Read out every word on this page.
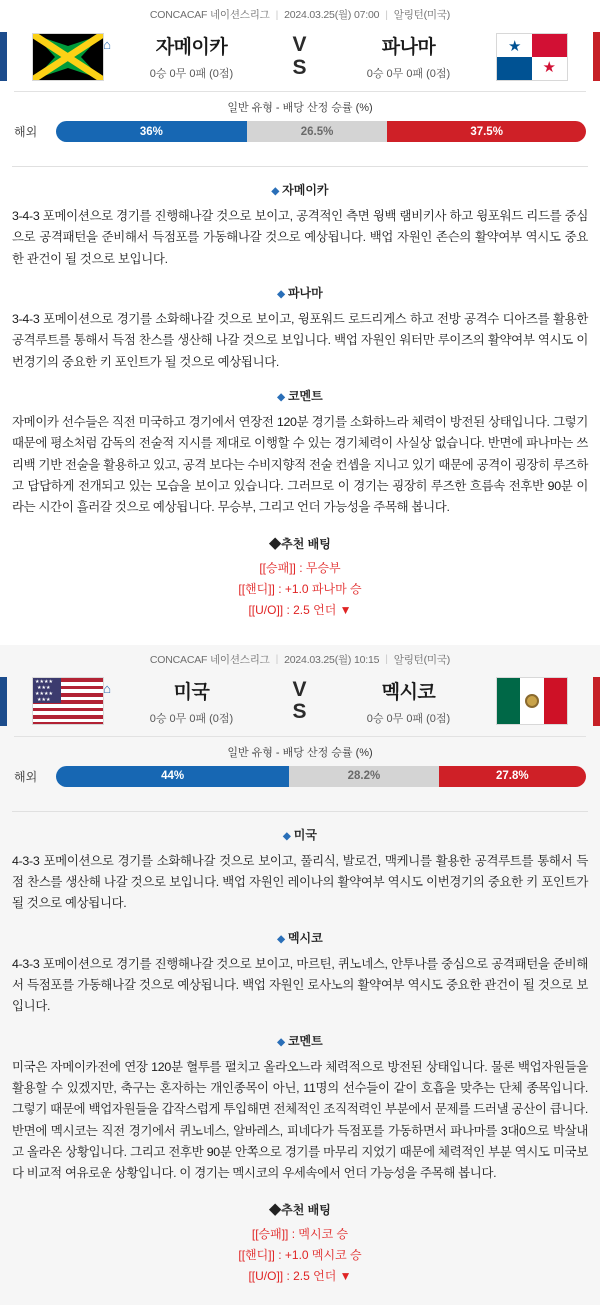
CONCACAF 네이션스리그 | 2024.03.25(월) 07:00 | 알링턴(미국)
⌂ 자메이카
0승 0무 0패 (0점)
V
S
파나마
0승 0무 0패 (0점)
★
★
일반 유형 - 배당 산정 승률 (%)
해외	36%	26.5%	37.5%
◆ 자메이카
3-4-3 포메이션으로 경기를 진행해나갈 것으로 보이고, 공격적인 측면 윙백 램비키사 하고 윙포워드 리드를 중심으로 공격패턴을 준비해서 득점포를 가동해나갈 것으로 예상됩니다. 백업 자원인 존슨의 활약여부 역시도 중요한 관건이 될 것으로 보입니다.
◆ 파나마
3-4-3 포메이션으로 경기를 소화해나갈 것으로 보이고, 윙포워드 로드리게스 하고 전방 공격수 디아즈를 활용한 공격루트를 통해서 득점 찬스를 생산해 나갈 것으로 보입니다. 백업 자원인 워터만 루이즈의 활약여부 역시도 이번경기의 중요한 키 포인트가 될 것으로 예상됩니다.
◆ 코멘트
자메이카 선수들은 직전 미국하고 경기에서 연장전 120분 경기를 소화하느라 체력이 방전된 상태입니다. 그렇기 때문에 평소처럼 감독의 전술적 지시를 제대로 이행할 수 있는 경기체력이 사실상 없습니다. 반면에 파나마는 쓰리백 기반 전술을 활용하고 있고, 공격 보다는 수비지향적 전술 컨셉을 지니고 있기 때문에 공격이 굉장히 루즈하고 답답하게 전개되고 있는 모습을 보이고 있습니다. 그러므로 이 경기는 굉장히 루즈한 흐름속 전후반 90분 이라는 시간이 흘러갈 것으로 예상됩니다. 무승부, 그리고 언더 가능성을 주목해 봅니다.
◆추천 배팅
[[승패]] : 무승부
[[핸디]] : +1.0 파나마 승
[[U/O]] : 2.5 언더 ▼
CONCACAF 네이션스리그 | 2024.03.25(월) 10:15 | 알링턴(미국)
★★★★
★★★
★★★★
★★★
⌂	미국
0승 0무 0패 (0점)
V
S
멕시코
0승 0무 0패 (0점)
일반 유형 - 배당 산정 승률 (%)
해외	44%	28.2%	27.8%
◆ 미국
4-3-3 포메이션으로 경기를 소화해나갈 것으로 보이고, 풀리식, 발로건, 맥케니를 활용한 공격루트를 통해서 득점 찬스를 생산해 나갈 것으로 보입니다. 백업 자원인 레이나의 활약여부 역시도 이번경기의 중요한 키 포인트가 될 것으로 예상됩니다.
◆ 멕시코
4-3-3 포메이션으로 경기를 진행해나갈 것으로 보이고, 마르틴, 퀴노네스, 안투나를 중심으로 공격패턴을 준비해서 득점포를 가동해나갈 것으로 예상됩니다. 백업 자원인 로사노의 활약여부 역시도 중요한 관건이 될 것으로 보입니다.
◆ 코멘트
미국은 자메이카전에 연장 120분 혈투를 펼치고 올라오느라 체력적으로 방전된 상태입니다. 물론 백업자원들을 활용할 수 있겠지만, 축구는 혼자하는 개인종목이 아닌, 11명의 선수들이 같이 호흡을 맞추는 단체 종목입니다. 그렇기 때문에 백업자원들을 갑작스럽게 투입해면 전체적인 조직적력인 부분에서 문제를 드러낼 공산이 큽니다. 반면에 멕시코는 직전 경기에서 퀴노네스, 알바레스, 피네다가 득점포를 가동하면서 파나마를 3대0으로 박살내고 올라온 상황입니다. 그리고 전후반 90분 안쪽으로 경기를 마무리 지었기 때문에 체력적인 부분 역시도 미국보다 비교적 여유로운 상황입니다. 이 경기는 멕시코의 우세속에서 언더 가능성을 주목해 봅니다.
◆추천 배팅
[[승패]] : 멕시코 승
[[핸디]] : +1.0 멕시코 승
[[U/O]] : 2.5 언더 ▼
